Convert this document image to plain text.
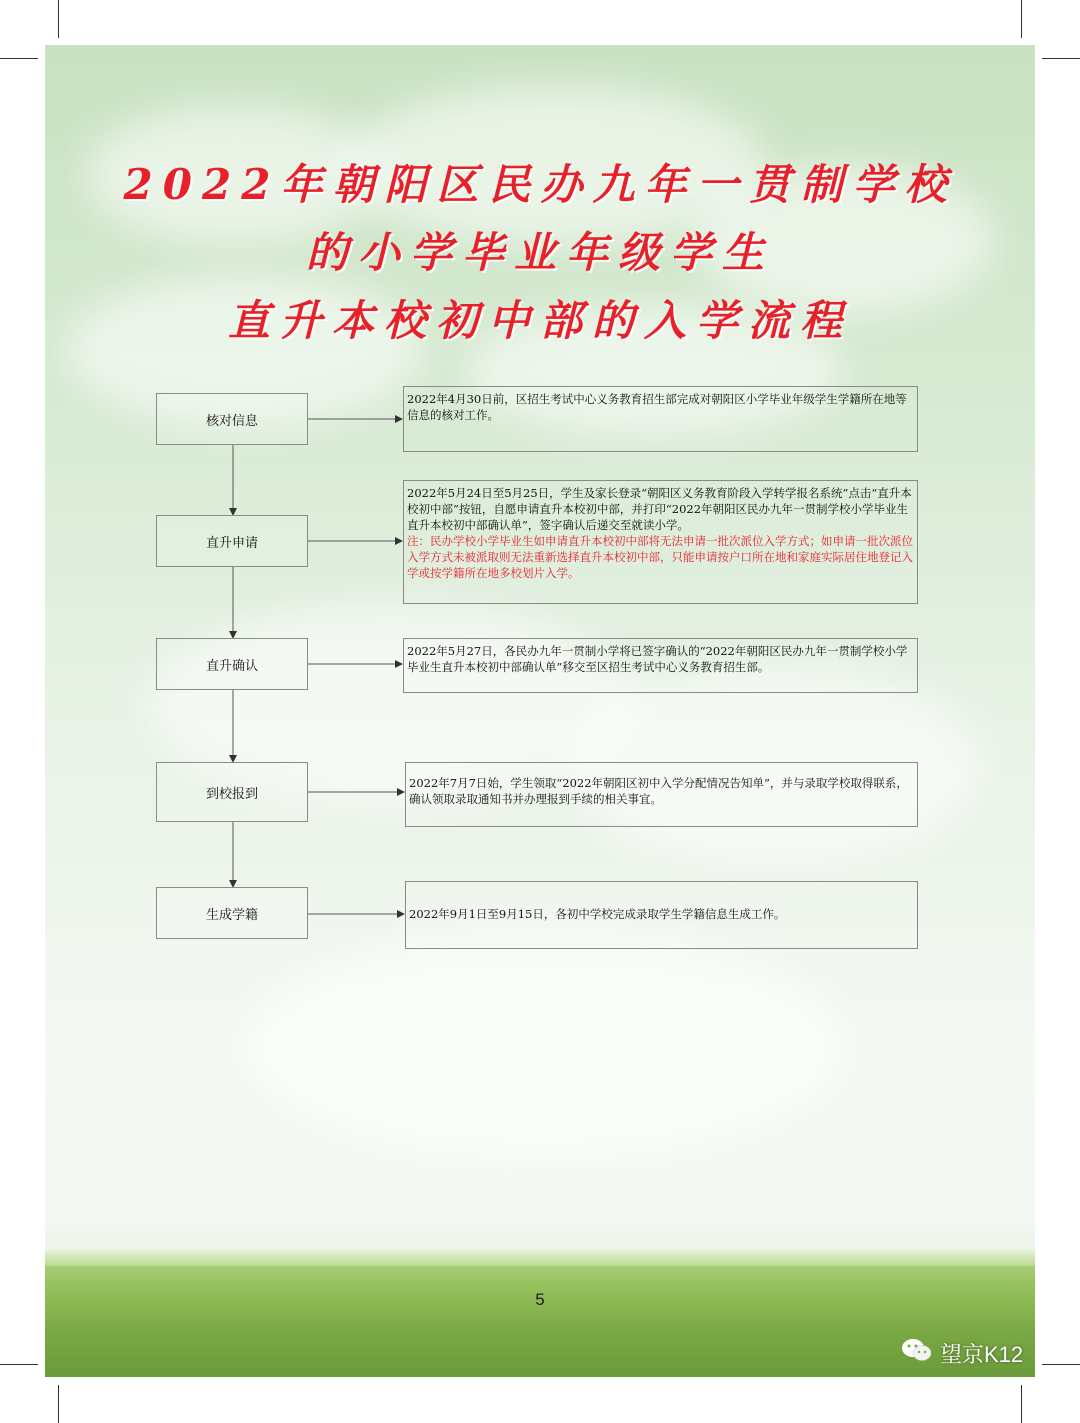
2022年朝阳区民办九年一贯制学校
的小学毕业年级学生
直升本校初中部的入学流程
核对信息
直升申请
直升确认
到校报到
生成学籍
2022年4月30日前，区招生考试中心义务教育招生部完成对朝阳区小学毕业年级学生学籍所在地等信息的核对工作。
2022年5月24日至5月25日，学生及家长登录“朝阳区义务教育阶段入学转学报名系统”点击“直升本校初中部”按钮，自愿申请直升本校初中部，并打印“2022年朝阳区民办九年一贯制学校小学毕业生直升本校初中部确认单”，签字确认后递交至就读小学。
注：民办学校小学毕业生如申请直升本校初中部将无法申请一批次派位入学方式；如申请一批次派位入学方式未被派取则无法重新选择直升本校初中部，只能申请按户口所在地和家庭实际居住地登记入学或按学籍所在地多校划片入学。
2022年5月27日，各民办九年一贯制小学将已签字确认的“2022年朝阳区民办九年一贯制学校小学毕业生直升本校初中部确认单”移交至区招生考试中心义务教育招生部。
2022年7月7日始，学生领取“2022年朝阳区初中入学分配情况告知单”，并与录取学校取得联系，确认领取录取通知书并办理报到手续的相关事宜。
2022年9月1日至9月15日，各初中学校完成录取学生学籍信息生成工作。
5
望京K12
